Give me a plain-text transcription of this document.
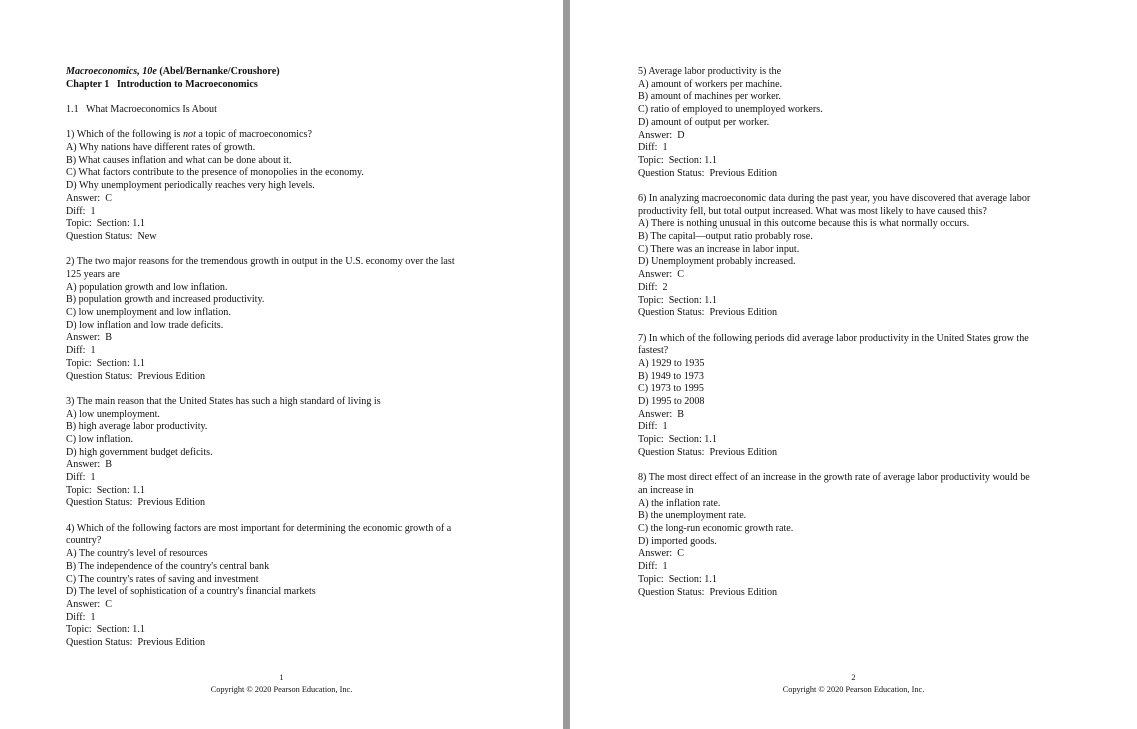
Macroeconomics, 10e (Abel/Bernanke/Croushore)
Chapter 1   Introduction to Macroeconomics
1.1   What Macroeconomics Is About
1) Which of the following is not a topic of macroeconomics?
A) Why nations have different rates of growth.
B) What causes inflation and what can be done about it.
C) What factors contribute to the presence of monopolies in the economy.
D) Why unemployment periodically reaches very high levels.
Answer:  C
Diff:  1
Topic:  Section: 1.1
Question Status:  New
2) The two major reasons for the tremendous growth in output in the U.S. economy over the last
125 years are
A) population growth and low inflation.
B) population growth and increased productivity.
C) low unemployment and low inflation.
D) low inflation and low trade deficits.
Answer:  B
Diff:  1
Topic:  Section: 1.1
Question Status:  Previous Edition
3) The main reason that the United States has such a high standard of living is
A) low unemployment.
B) high average labor productivity.
C) low inflation.
D) high government budget deficits.
Answer:  B
Diff:  1
Topic:  Section: 1.1
Question Status:  Previous Edition
4) Which of the following factors are most important for determining the economic growth of a
country?
A) The country's level of resources
B) The independence of the country's central bank
C) The country's rates of saving and investment
D) The level of sophistication of a country's financial markets
Answer:  C
Diff:  1
Topic:  Section: 1.1
Question Status:  Previous Edition
1
Copyright © 2020 Pearson Education, Inc.
5) Average labor productivity is the
A) amount of workers per machine.
B) amount of machines per worker.
C) ratio of employed to unemployed workers.
D) amount of output per worker.
Answer:  D
Diff:  1
Topic:  Section: 1.1
Question Status:  Previous Edition
6) In analyzing macroeconomic data during the past year, you have discovered that average labor
productivity fell, but total output increased. What was most likely to have caused this?
A) There is nothing unusual in this outcome because this is what normally occurs.
B) The capital—output ratio probably rose.
C) There was an increase in labor input.
D) Unemployment probably increased.
Answer:  C
Diff:  2
Topic:  Section: 1.1
Question Status:  Previous Edition
7) In which of the following periods did average labor productivity in the United States grow the
fastest?
A) 1929 to 1935
B) 1949 to 1973
C) 1973 to 1995
D) 1995 to 2008
Answer:  B
Diff:  1
Topic:  Section: 1.1
Question Status:  Previous Edition
8) The most direct effect of an increase in the growth rate of average labor productivity would be
an increase in
A) the inflation rate.
B) the unemployment rate.
C) the long-run economic growth rate.
D) imported goods.
Answer:  C
Diff:  1
Topic:  Section: 1.1
Question Status:  Previous Edition
2
Copyright © 2020 Pearson Education, Inc.
